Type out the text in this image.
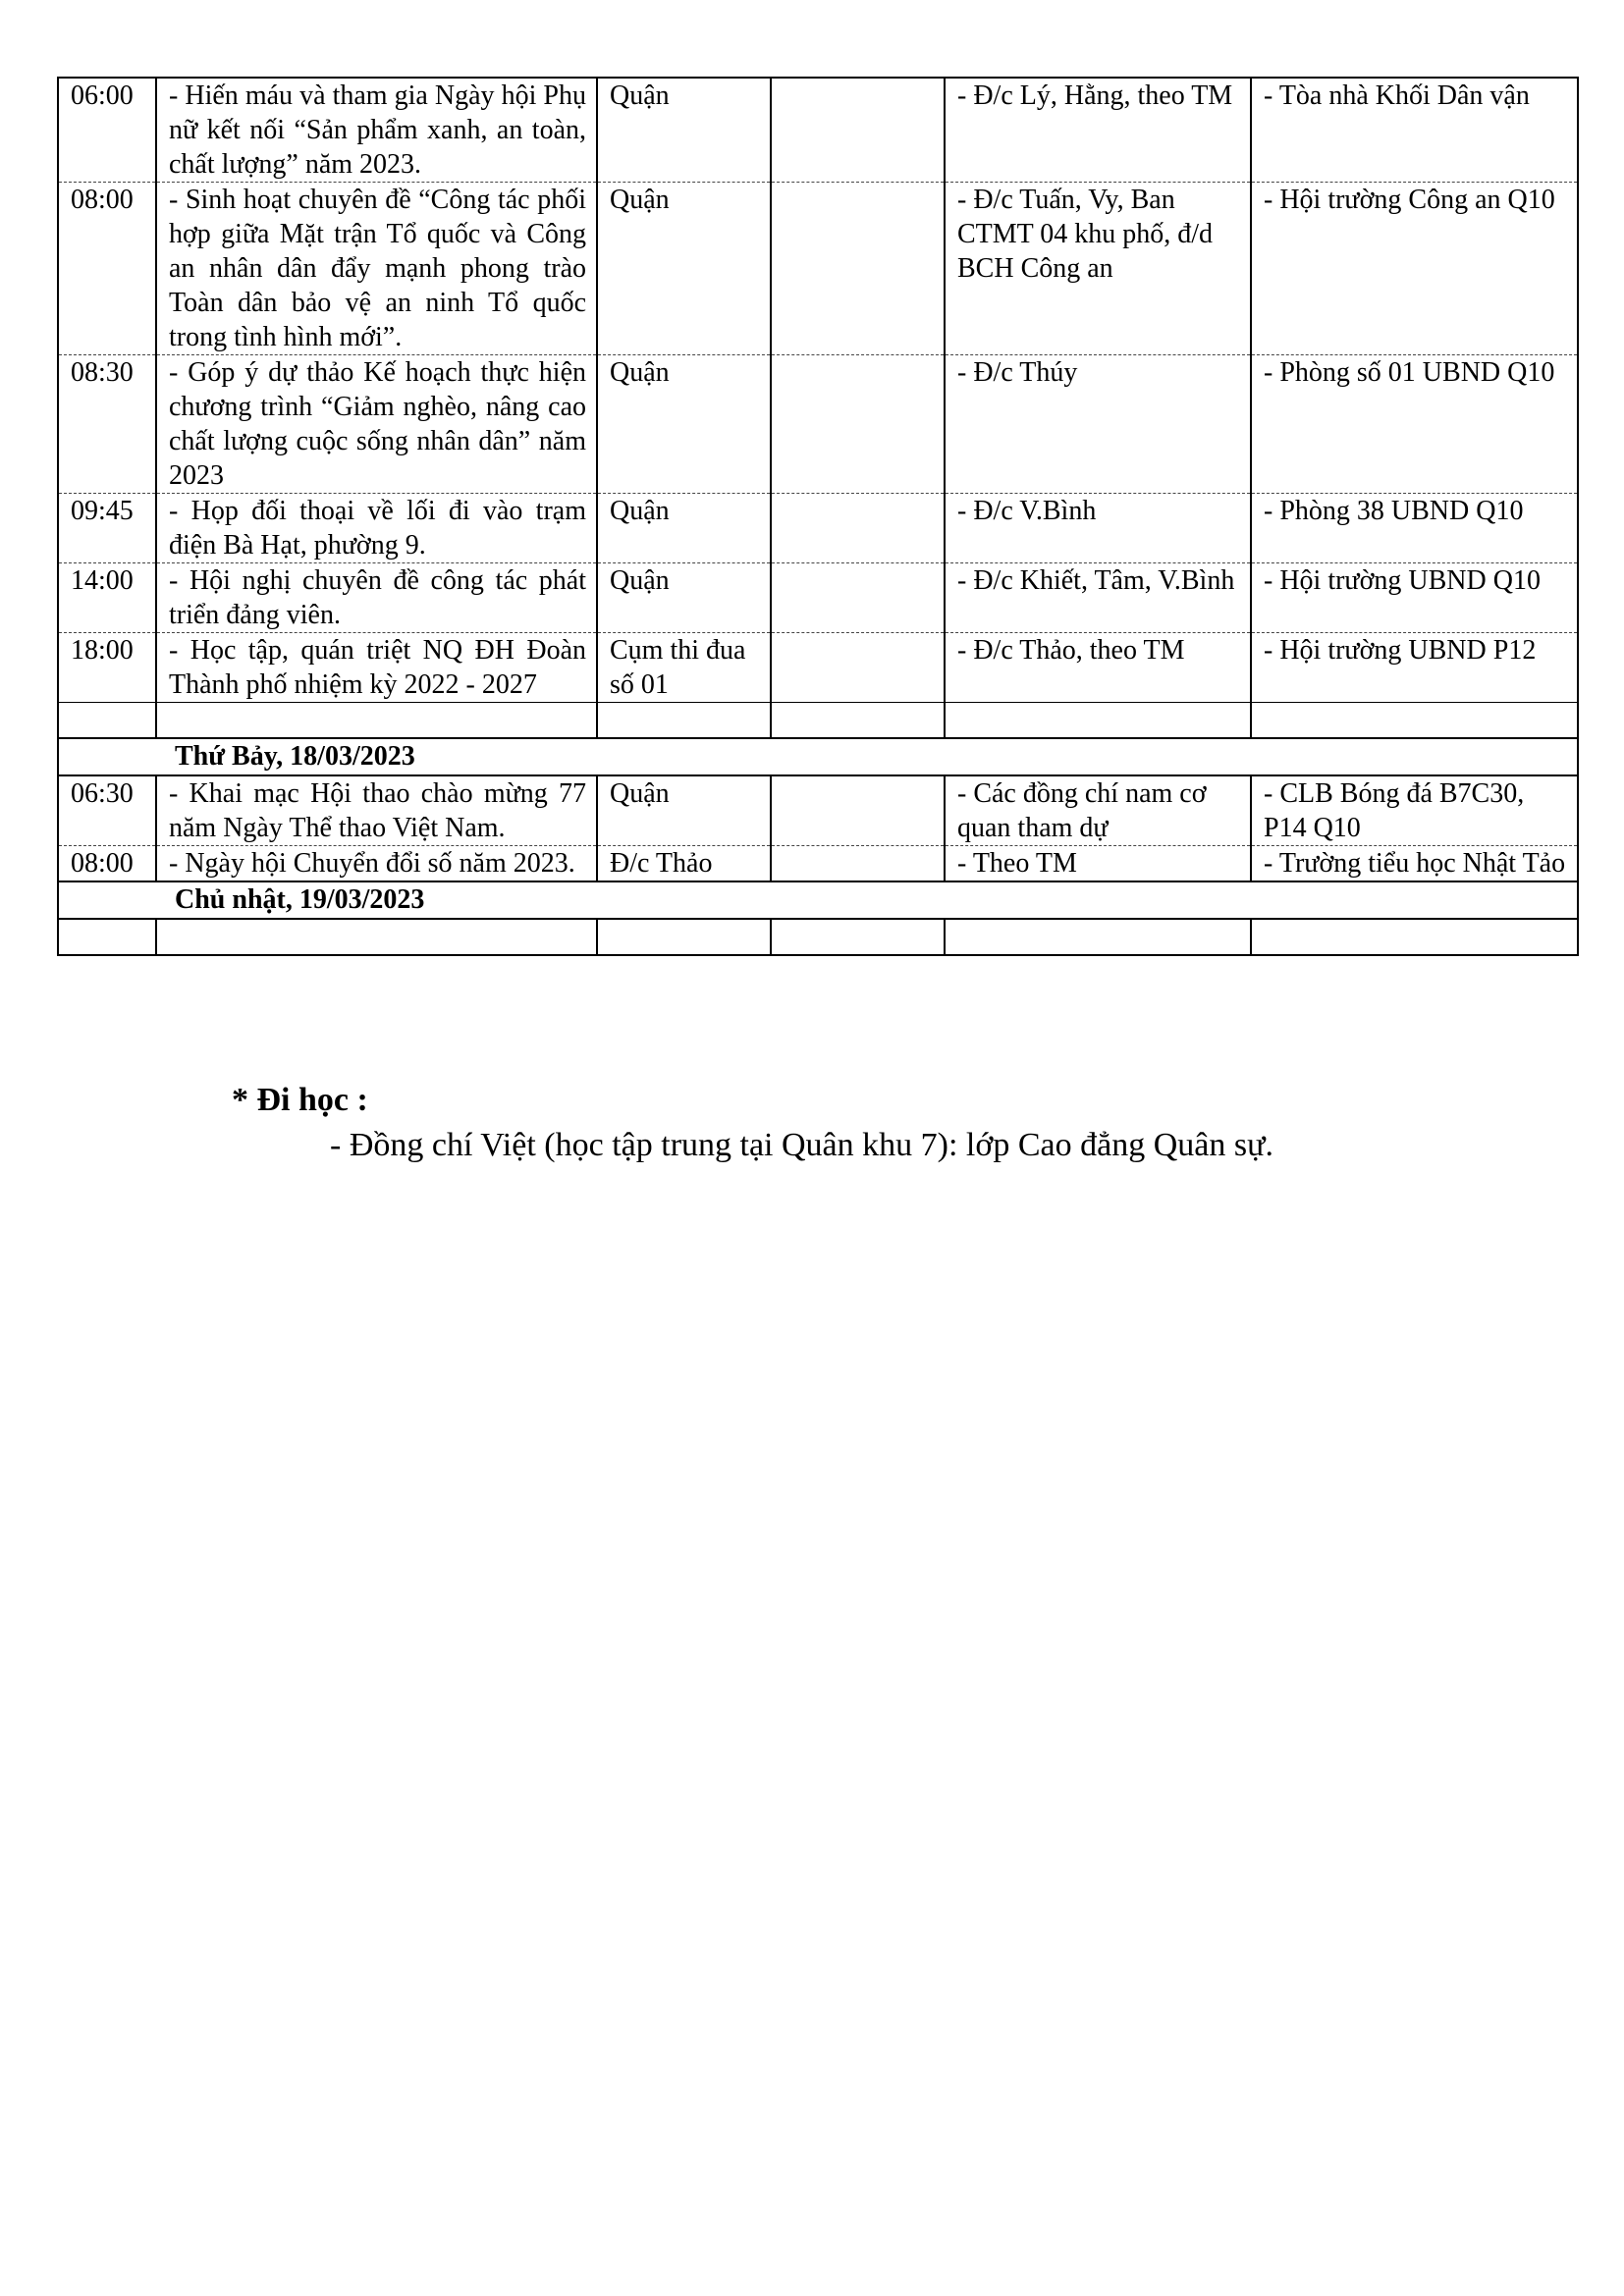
06:00	- Hiến máu và tham gia Ngày hội Phụ nữ kết nối “Sản phẩm xanh, an toàn, chất lượng” năm 2023.	Quận		- Đ/c Lý, Hằng, theo TM	- Tòa nhà Khối Dân vận
08:00	- Sinh hoạt chuyên đề “Công tác phối hợp giữa Mặt trận Tổ quốc và Công an nhân dân đẩy mạnh phong trào Toàn dân bảo vệ an ninh Tổ quốc trong tình hình mới”.	Quận		- Đ/c Tuấn, Vy, Ban CTMT 04 khu phố, đ/d BCH Công an	- Hội trường Công an Q10
08:30	- Góp ý dự thảo Kế hoạch thực hiện chương trình “Giảm nghèo, nâng cao chất lượng cuộc sống nhân dân” năm 2023	Quận		- Đ/c Thúy	- Phòng số 01 UBND Q10
09:45	- Họp đối thoại về lối đi vào trạm điện Bà Hạt, phường 9.	Quận		- Đ/c V.Bình	- Phòng 38 UBND Q10
14:00	- Hội nghị chuyên đề công tác phát triển đảng viên.	Quận		- Đ/c Khiết, Tâm, V.Bình	- Hội trường UBND Q10
18:00	- Học tập, quán triệt NQ ĐH Đoàn Thành phố nhiệm kỳ 2022 - 2027	Cụm thi đua số 01		- Đ/c Thảo, theo TM	- Hội trường UBND P12

Thứ Bảy, 18/03/2023					
06:30	- Khai mạc Hội thao chào mừng 77 năm Ngày Thể thao Việt Nam.	Quận		- Các đồng chí nam cơ quan tham dự	- CLB Bóng đá B7C30, P14 Q10
08:00	- Ngày hội Chuyển đổi số năm 2023.	Đ/c Thảo		- Theo TM	- Trường tiểu học Nhật Tảo
Chủ nhật, 19/03/2023					

* Đi học :
- Đồng chí Việt (học tập trung tại Quân khu 7): lớp Cao đẳng Quân sự.
